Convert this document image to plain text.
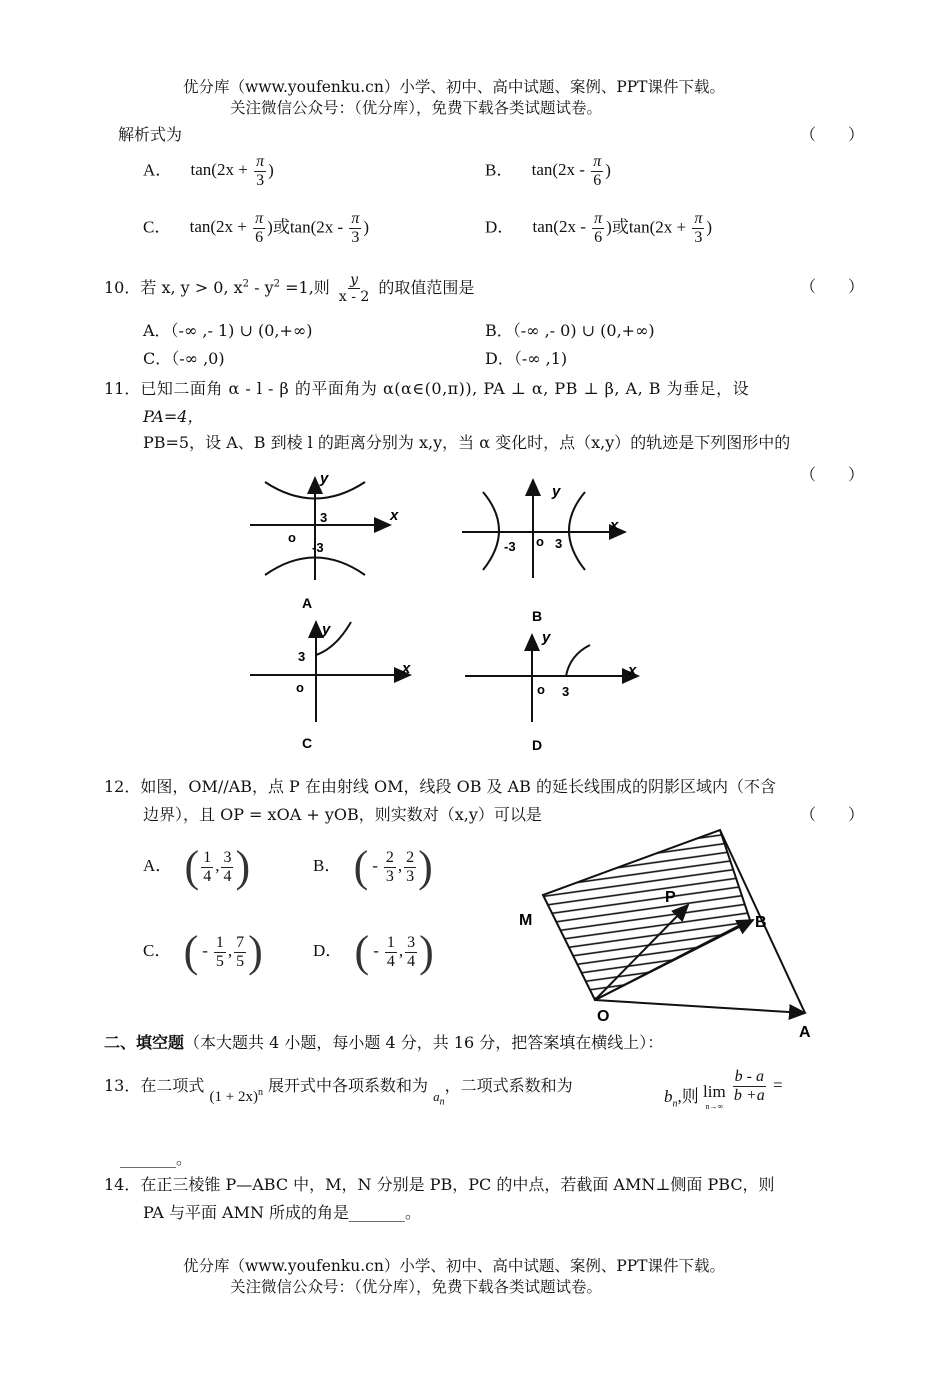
优分库（www.youfenku.cn）小学、初中、高中试题、案例、PPT课件下载。
关注微信公众号：（优分库），免费下载各类试题试卷。
解析式为	（　　）
A． $\tan(2x + \frac{\pi}{3}$ )	B． $\tan(2x - \frac{\pi}{6}$ )
C． $\tan(2x + \frac{\pi}{6}$ )或$\tan(2x - \frac{\pi}{3}$ )	D． $\tan(2x - \frac{\pi}{6}$ )或$\tan(2x + \frac{\pi}{3}$ )
10．若 x, y > 0, $x^2 - y^2 =1$,则 $\frac{y}{x - 2}$ 的取值范围是	（　　）
A．（-∞ ,- 1) ∪ (0,+∞)	B．（-∞ ,- 0) ∪ (0,+∞)
C．（-∞ ,0)	D．（-∞ ,1)
11．已知二面角 α - l - β 的平面角为 α(α∈(0,π)), PA ⊥ α, PB ⊥ β, A, B 为垂足，设
PA=4，
PB=5，设 A、B 到棱 l 的距离分别为 x,y，当 α 变化时，点（x,y）的轨迹是下列图形中的
（　　）
y
x
3
o
-3
A
y
x
-3 o 3
B
y
x
3
o
C
y
x
o 3
D
12．如图，OM//AB，点 P 在由射线 OM，线段 OB 及 AB 的延长线围成的阴影区域内（不含
边界），且 OP = xOA + yOB，则实数对（x,y）可以是	（　　）
A． ( $\frac{1}{4}$ , $\frac{3}{4}$ )	B． ( - $\frac{2}{3}$ , $\frac{2}{3}$ )
C． ( - $\frac{1}{5}$ , $\frac{7}{5}$ )	D． ( - $\frac{1}{4}$ , $\frac{3}{4}$ )
M
P
B
O
A
二、填空题（本大题共 4 小题，每小题 4 分，共 16 分，把答案填在横线上）：
13．在二项式 $(1 + 2x)^n$ 展开式中各项系数和为 $_{a_n}$，二项式系数和为
$b_n$,则 lim
n→∞

$\frac{b - a}{b +a}$ =
_______。
14．在正三棱锥 P—ABC 中，M，N 分别是 PB，PC 的中点，若截面 AMN⊥侧面 PBC，则
PA 与平面 AMN 所成的角是_______。
优分库（www.youfenku.cn）小学、初中、高中试题、案例、PPT课件下载。
关注微信公众号：（优分库），免费下载各类试题试卷。
